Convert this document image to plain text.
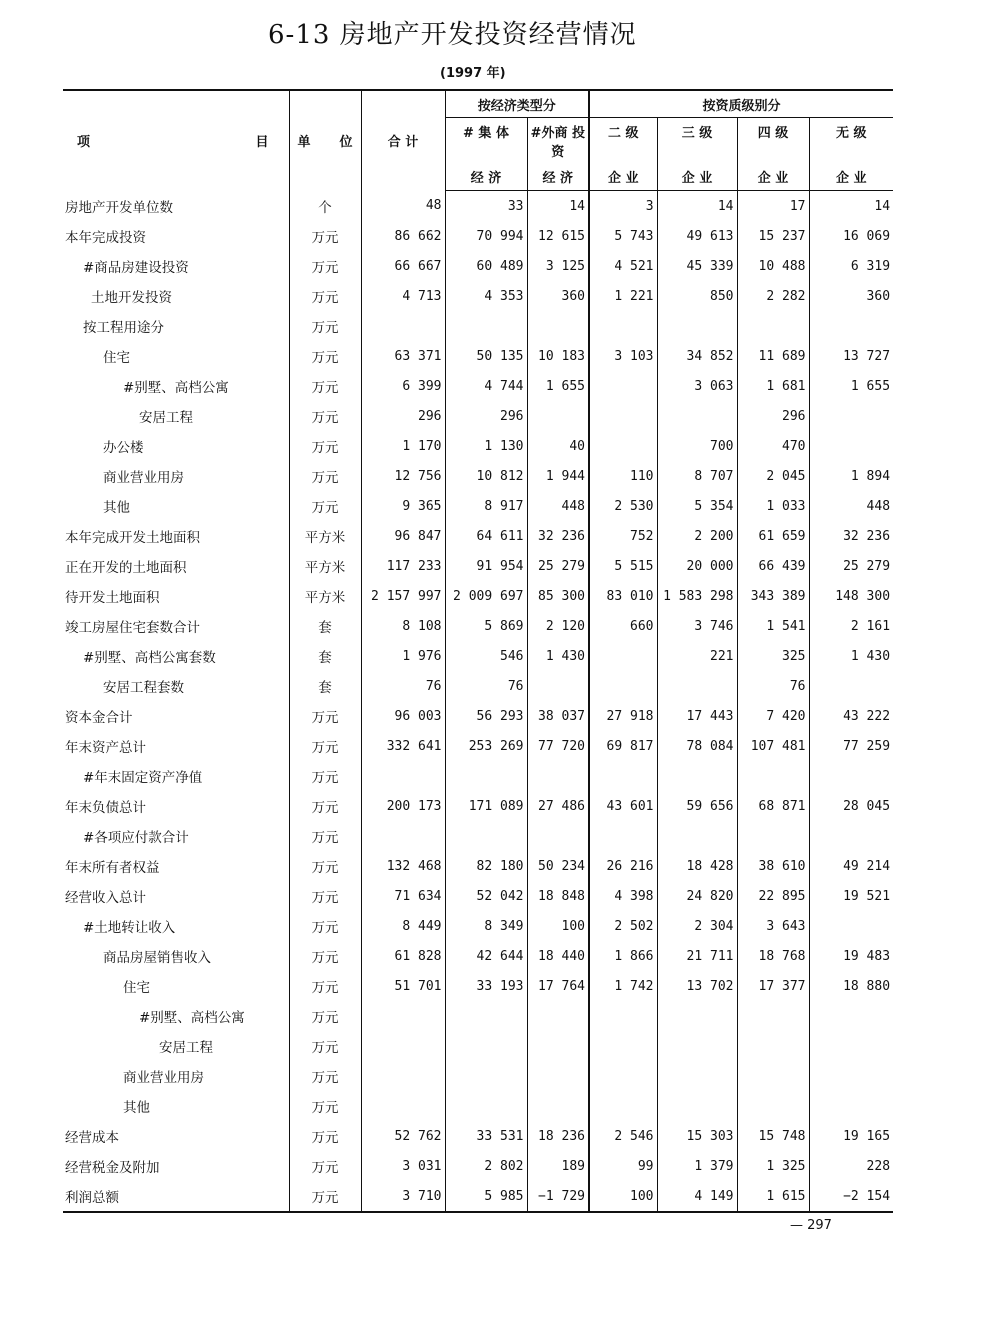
6-13 房地产开发投资经营情况
(1997 年)
项 目	单 位	合 计	按经济类型分		按资质级别分			
			# 集 体	#外商 投 资	二 级	三 级	四 级	无 级
			经 济	经 济	企 业	企 业	企 业	企 业
房地产开发单位数	个	48	33	14	3	14	17	14
本年完成投资	万元	86 662	70 994	12 615	5 743	49 613	15 237	16 069
#商品房建设投资	万元	66 667	60 489	3 125	4 521	45 339	10 488	6 319
土地开发投资	万元	4 713	4 353	360	1 221	850	2 282	360
按工程用途分	万元							
住宅	万元	63 371	50 135	10 183	3 103	34 852	11 689	13 727
#别墅、高档公寓	万元	6 399	4 744	1 655		3 063	1 681	1 655
安居工程	万元	296	296				296	
办公楼	万元	1 170	1 130	40		700	470	
商业营业用房	万元	12 756	10 812	1 944	110	8 707	2 045	1 894
其他	万元	9 365	8 917	448	2 530	5 354	1 033	448
本年完成开发土地面积	平方米	96 847	64 611	32 236	752	2 200	61 659	32 236
正在开发的土地面积	平方米	117 233	91 954	25 279	5 515	20 000	66 439	25 279
待开发土地面积	平方米	2 157 997	2 009 697	85 300	83 010	1 583 298	343 389	148 300
竣工房屋住宅套数合计	套	8 108	5 869	2 120	660	3 746	1 541	2 161
#别墅、高档公寓套数	套	1 976	546	1 430		221	325	1 430
安居工程套数	套	76	76				76	
资本金合计	万元	96 003	56 293	38 037	27 918	17 443	7 420	43 222
年末资产总计	万元	332 641	253 269	77 720	69 817	78 084	107 481	77 259
#年末固定资产净值	万元							
年末负债总计	万元	200 173	171 089	27 486	43 601	59 656	68 871	28 045
#各项应付款合计	万元							
年末所有者权益	万元	132 468	82 180	50 234	26 216	18 428	38 610	49 214
经营收入总计	万元	71 634	52 042	18 848	4 398	24 820	22 895	19 521
#土地转让收入	万元	8 449	8 349	100	2 502	2 304	3 643	
商品房屋销售收入	万元	61 828	42 644	18 440	1 866	21 711	18 768	19 483
住宅	万元	51 701	33 193	17 764	1 742	13 702	17 377	18 880
#别墅、高档公寓	万元							
安居工程	万元							
商业营业用房	万元							
其他	万元							
经营成本	万元	52 762	33 531	18 236	2 546	15 303	15 748	19 165
经营税金及附加	万元	3 031	2 802	189	99	1 379	1 325	228
利润总额	万元	3 710	5 985	−1 729	100	4 149	1 615	−2 154
— 297
